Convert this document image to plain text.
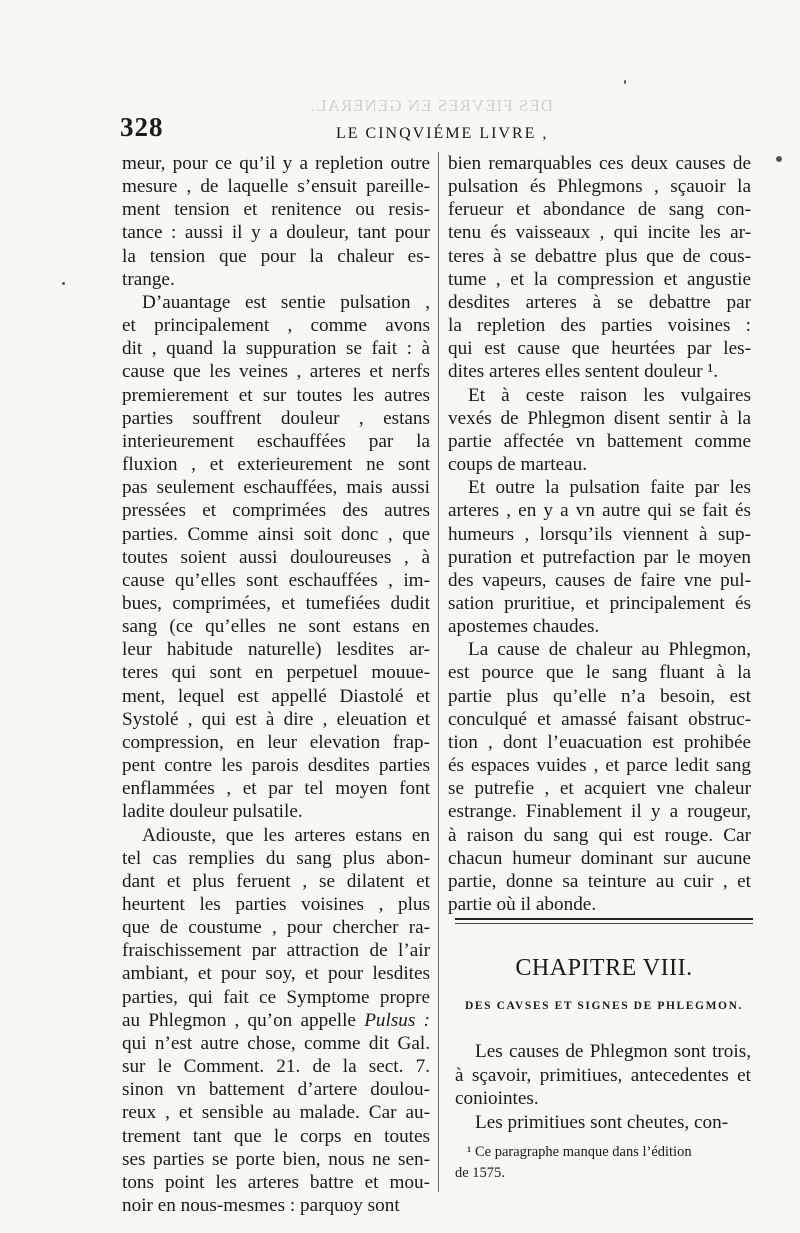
DES FIEVRES EN GENERAL.
328	LE CINQVIÉME LIVRE ,
meur, pour ce qu’il y a repletion outre
mesure , de laquelle s’ensuit pareille-
ment tension et renitence ou resis-
tance : aussi il y a douleur, tant pour
la tension que pour la chaleur es-
trange.
D’auantage est sentie pulsation ,
et principalement , comme avons
dit , quand la suppuration se fait : à
cause que les veines , arteres et nerfs
premierement et sur toutes les autres
parties souffrent douleur , estans
interieurement eschauffées par la
fluxion , et exterieurement ne sont
pas seulement eschauffées, mais aussi
pressées et comprimées des autres
parties. Comme ainsi soit donc , que
toutes soient aussi douloureuses , à
cause qu’elles sont eschauffées , im-
bues, comprimées, et tumefiées dudit
sang (ce qu’elles ne sont estans en
leur habitude naturelle) lesdites ar-
teres qui sont en perpetuel mouue-
ment, lequel est appellé Diastolé et
Systolé , qui est à dire , eleuation et
compression, en leur elevation frap-
pent contre les parois desdites parties
enflammées , et par tel moyen font
ladite douleur pulsatile.
Adiouste, que les arteres estans en
tel cas remplies du sang plus abon-
dant et plus feruent , se dilatent et
heurtent les parties voisines , plus
que de coustume , pour chercher ra-
fraischissement par attraction de l’air
ambiant, et pour soy, et pour lesdites
parties, qui fait ce Symptome propre
au Phlegmon , qu’on appelle Pulsus :
qui n’est autre chose, comme dit Gal.
sur le Comment. 21. de la sect. 7.
sinon vn battement d’artere doulou-
reux , et sensible au malade. Car au-
trement tant que le corps en toutes
ses parties se porte bien, nous ne sen-
tons point les arteres battre et mou-
noir en nous-mesmes : parquoy sont
bien remarquables ces deux causes de
pulsation és Phlegmons , sçauoir la
ferueur et abondance de sang con-
tenu és vaisseaux , qui incite les ar-
teres à se debattre plus que de cous-
tume , et la compression et angustie
desdites arteres à se debattre par
la repletion des parties voisines :
qui est cause que heurtées par les-
dites arteres elles sentent douleur ¹.
Et à ceste raison les vulgaires
vexés de Phlegmon disent sentir à la
partie affectée vn battement comme
coups de marteau.
Et outre la pulsation faite par les
arteres , en y a vn autre qui se fait és
humeurs , lorsqu’ils viennent à sup-
puration et putrefaction par le moyen
des vapeurs, causes de faire vne pul-
sation pruritiue, et principalement és
apostemes chaudes.
La cause de chaleur au Phlegmon,
est pource que le sang fluant à la
partie plus qu’elle n’a besoin, est
conculqué et amassé faisant obstruc-
tion , dont l’euacuation est prohibée
és espaces vuides , et parce ledit sang
se putrefie , et acquiert vne chaleur
estrange. Finablement il y a rougeur,
à raison du sang qui est rouge. Car
chacun humeur dominant sur aucune
partie, donne sa teinture au cuir , et
partie où il abonde.
CHAPITRE VIII.
DES CAVSES ET SIGNES DE PHLEGMON.
Les causes de Phlegmon sont trois,
à sçavoir, primitiues, antecedentes et
coniointes.
Les primitiues sont cheutes, con-
¹ Ce paragraphe manque dans l’édition
de 1575.
